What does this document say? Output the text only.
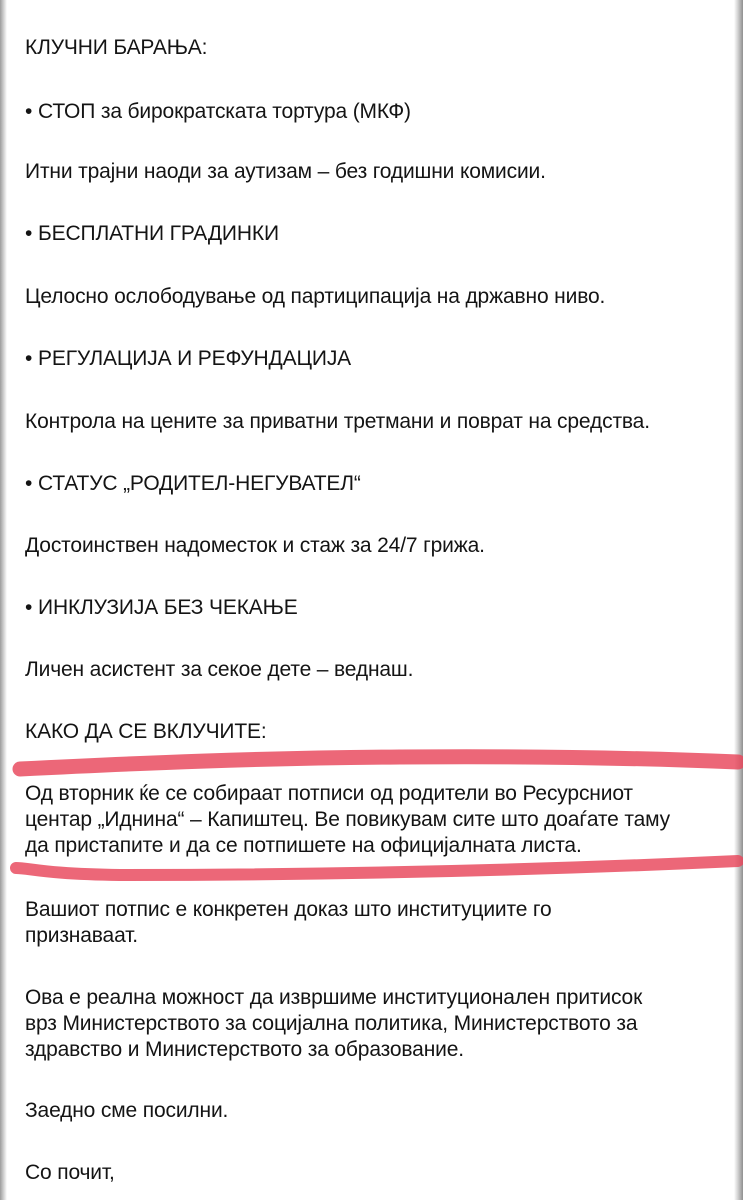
КЛУЧНИ БАРАЊА:

• СТОП за бирократската тортура (МКФ)

Итни трајни наоди за аутизам – без годишни комисии.

• БЕСПЛАТНИ ГРАДИНКИ

Целосно ослободување од партиципација на државно ниво.

• РЕГУЛАЦИЈА И РЕФУНДАЦИЈА

Контрола на цените за приватни третмани и поврат на средства.

• СТАТУС „РОДИТЕЛ-НЕГУВАТЕЛ“

Достоинствен надоместок и стаж за 24/7 грижа.

• ИНКЛУЗИЈА БЕЗ ЧЕКАЊЕ

Личен асистент за секое дете – веднаш.

КАКО ДА СЕ ВКЛУЧИТЕ:

Од вторник ќе се собираат потписи од родители во Ресурсниот

центар „Иднина“ – Капиштец. Ве повикувам сите што доаѓате таму

да пристапите и да се потпишете на официјалната листа.

Вашиот потпис е конкретен доказ што институциите го

признаваат.

Ова е реална можност да извршиме институционален притисок

врз Министерството за социјална политика, Министерството за

здравство и Министерството за образование.

Заедно сме посилни.

Со почит,
